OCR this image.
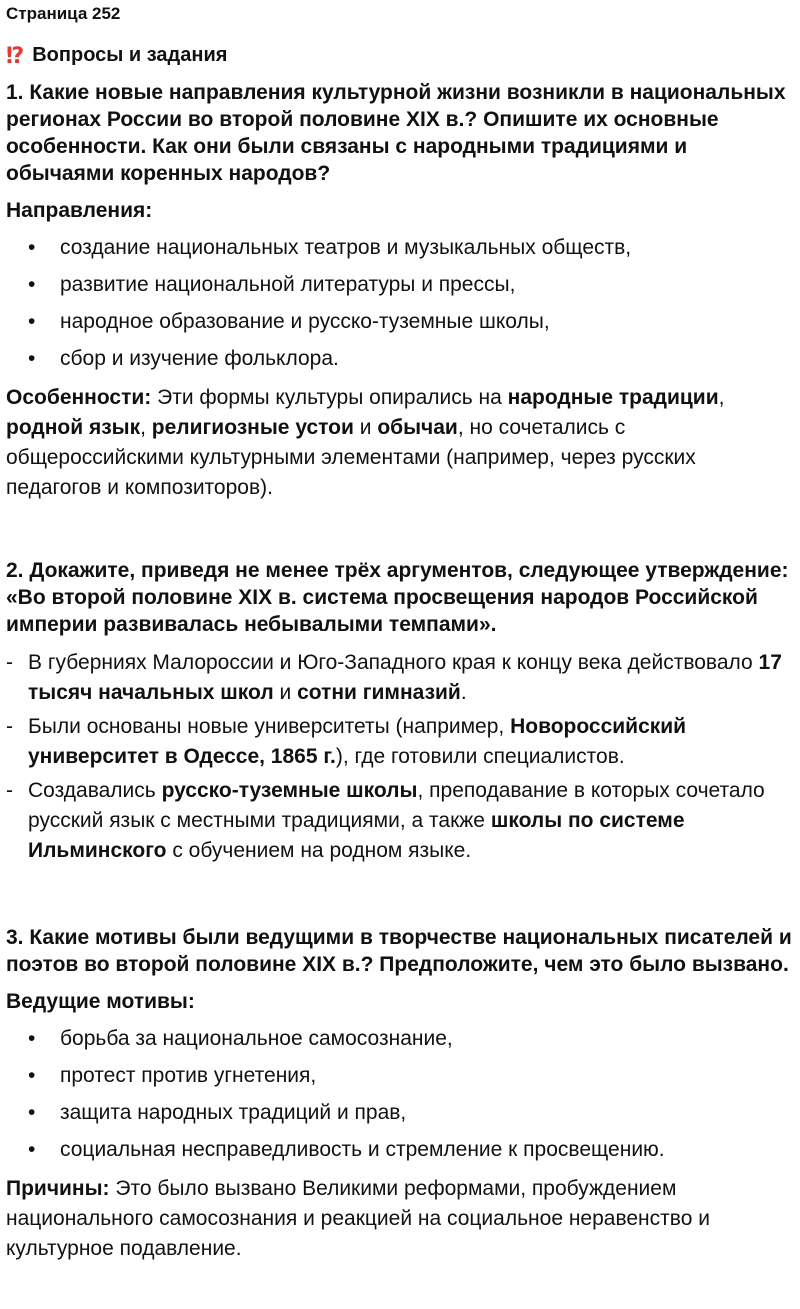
Страница 252
⁉ Вопросы и задания
1. Какие новые направления культурной жизни возникли в национальных регионах России во второй половине XIX в.? Опишите их основные особенности. Как они были связаны с народными традициями и обычаями коренных народов?
Направления:
•	создание национальных театров и музыкальных обществ,
•	развитие национальной литературы и прессы,
•	народное образование и русско-туземные школы,
•	сбор и изучение фольклора.
Особенности: Эти формы культуры опирались на народные традиции, родной язык, религиозные устои и обычаи, но сочетались с общероссийскими культурными элементами (например, через русских педагогов и композиторов).
2. Докажите, приведя не менее трёх аргументов, следующее утверждение: «Во второй половине XIX в. система просвещения народов Российской империи развивалась небывалыми темпами».
- В губерниях Малороссии и Юго-Западного края к концу века действовало 17 тысяч начальных школ и сотни гимназий.
- Были основаны новые университеты (например, Новороссийский университет в Одессе, 1865 г.), где готовили специалистов.
- Создавались русско-туземные школы, преподавание в которых сочетало русский язык с местными традициями, а также школы по системе Ильминского с обучением на родном языке.
3. Какие мотивы были ведущими в творчестве национальных писателей и поэтов во второй половине XIX в.? Предположите, чем это было вызвано.
Ведущие мотивы:
•	борьба за национальное самосознание,
•	протест против угнетения,
•	защита народных традиций и прав,
•	социальная несправедливость и стремление к просвещению.
Причины: Это было вызвано Великими реформами, пробуждением национального самосознания и реакцией на социальное неравенство и культурное подавление.
